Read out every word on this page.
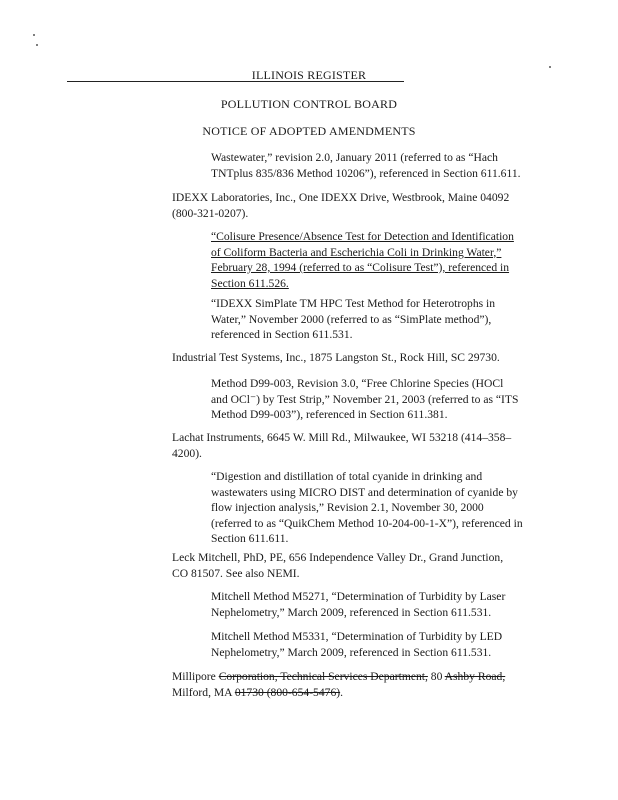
ILLINOIS REGISTER
POLLUTION CONTROL BOARD
NOTICE OF ADOPTED AMENDMENTS
Wastewater,” revision 2.0, January 2011 (referred to as “Hach
TNTplus 835/836 Method 10206”), referenced in Section 611.611.
IDEXX Laboratories, Inc., One IDEXX Drive, Westbrook, Maine 04092
(800-321-0207).
“Colisure Presence/Absence Test for Detection and Identification
of Coliform Bacteria and Escherichia Coli in Drinking Water,”
February 28, 1994 (referred to as “Colisure Test”), referenced in
Section 611.526.
“IDEXX SimPlate TM HPC Test Method for Heterotrophs in
Water,” November 2000 (referred to as “SimPlate method”),
referenced in Section 611.531.
Industrial Test Systems, Inc., 1875 Langston St., Rock Hill, SC 29730.
Method D99-003, Revision 3.0, “Free Chlorine Species (HOCl
and OCl⁻) by Test Strip,” November 21, 2003 (referred to as “ITS
Method D99-003”), referenced in Section 611.381.
Lachat Instruments, 6645 W. Mill Rd., Milwaukee, WI 53218 (414–358–
4200).
“Digestion and distillation of total cyanide in drinking and
wastewaters using MICRO DIST and determination of cyanide by
flow injection analysis,” Revision 2.1, November 30, 2000
(referred to as “QuikChem Method 10-204-00-1-X”), referenced in
Section 611.611.
Leck Mitchell, PhD, PE, 656 Independence Valley Dr., Grand Junction,
CO 81507. See also NEMI.
Mitchell Method M5271, “Determination of Turbidity by Laser
Nephelometry,” March 2009, referenced in Section 611.531.
Mitchell Method M5331, “Determination of Turbidity by LED
Nephelometry,” March 2009, referenced in Section 611.531.
Millipore Corporation, Technical Services Department, 80 Ashby Road,
Milford, MA 01730 (800-654-5476).
